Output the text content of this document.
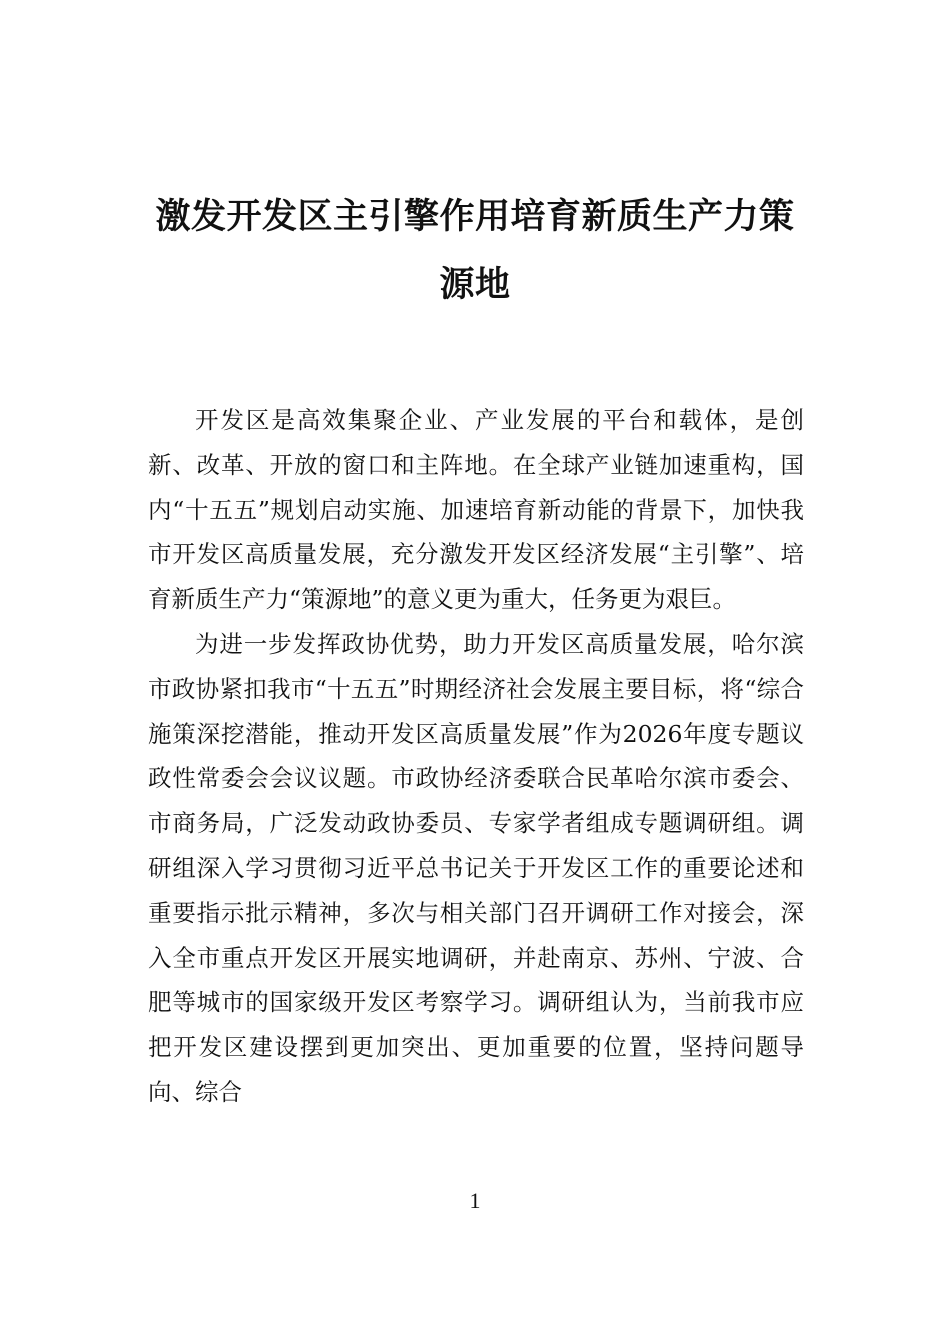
激发开发区主引擎作用培育新质生产力策
源地

开发区是高效集聚企业、产业发展的平台和载体，是创新、改革、开放的窗口和主阵地。在全球产业链加速重构，国内“十五五”规划启动实施、加速培育新动能的背景下，加快我市开发区高质量发展，充分激发开发区经济发展“主引擎”、培育新质生产力“策源地”的意义更为重大，任务更为艰巨。

为进一步发挥政协优势，助力开发区高质量发展，哈尔滨市政协紧扣我市“十五五”时期经济社会发展主要目标，将“综合施策深挖潜能，推动开发区高质量发展”作为2026年度专题议政性常委会会议议题。市政协经济委联合民革哈尔滨市委会、市商务局，广泛发动政协委员、专家学者组成专题调研组。调研组深入学习贯彻习近平总书记关于开发区工作的重要论述和重要指示批示精神，多次与相关部门召开调研工作对接会，深入全市重点开发区开展实地调研，并赴南京、苏州、宁波、合肥等城市的国家级开发区考察学习。调研组认为，当前我市应把开发区建设摆到更加突出、更加重要的位置，坚持问题导向、综合

1
